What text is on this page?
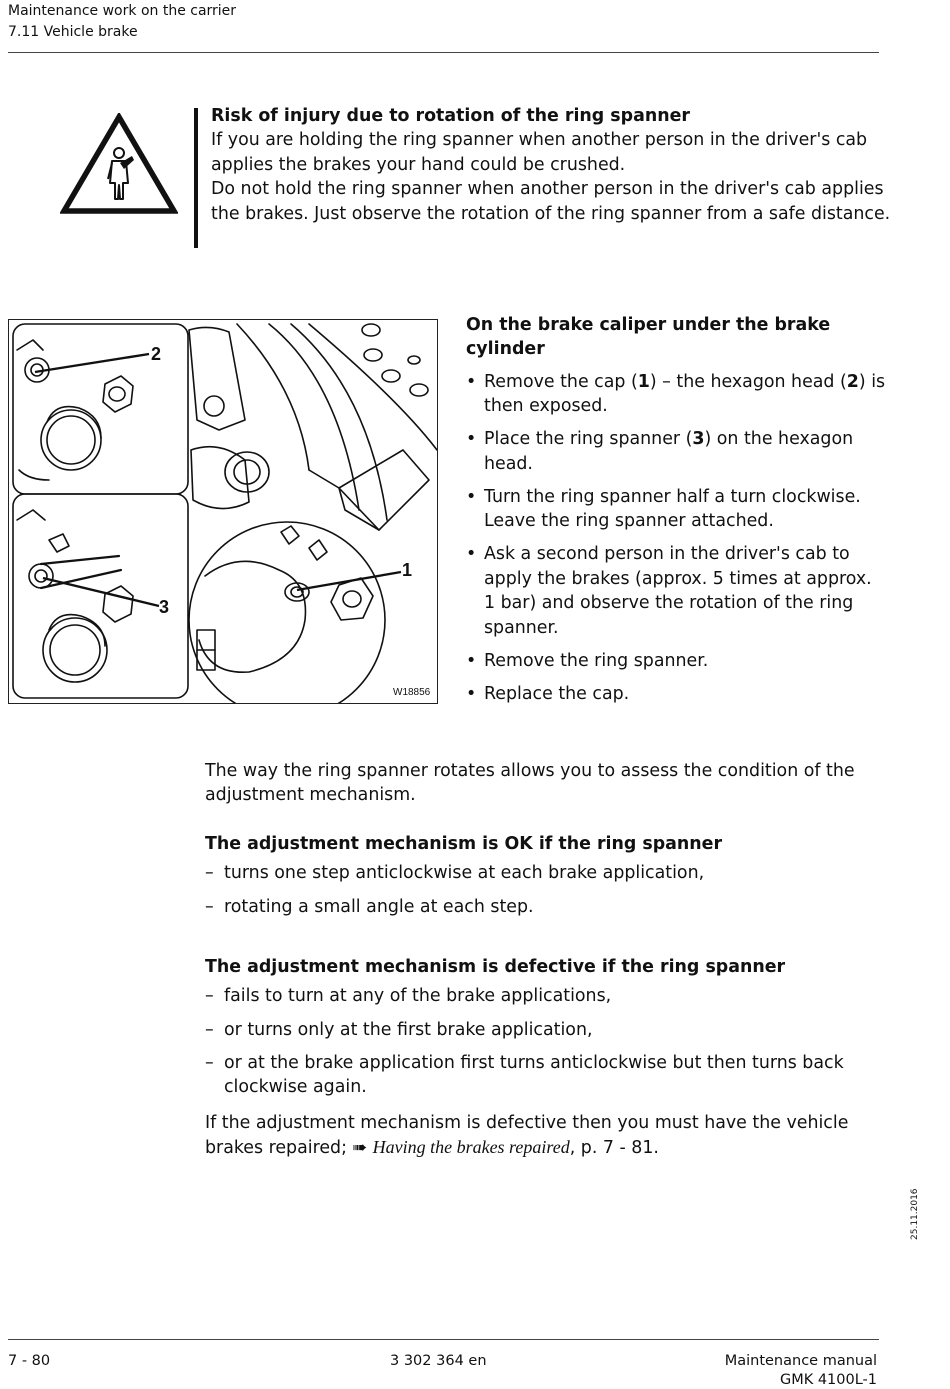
Maintenance work on the carrier
7.11 Vehicle brake

Risk of injury due to rotation of the ring spanner

If you are holding the ring spanner when another person in the driver's cab applies the brakes your hand could be crushed.

Do not hold the ring spanner when another person in the driver's cab applies the brakes. Just observe the rotation of the ring spanner from a safe distance.

2
1
3
W18856
On the brake caliper under the brake cylinder
• Remove the cap (1) – the hexagon head (2) is then exposed.
• Place the ring spanner (3) on the hexagon head.
• Turn the ring spanner half a turn clockwise. Leave the ring spanner attached.
• Ask a second person in the driver's cab to apply the brakes (approx. 5 times at approx. 1 bar) and observe the rotation of the ring spanner.
• Remove the ring spanner.
• Replace the cap.
The way the ring spanner rotates allows you to assess the condition of the adjustment mechanism.

The adjustment mechanism is OK if the ring spanner

– turns one step anticlockwise at each brake application,
– rotating a small angle at each step.

The adjustment mechanism is defective if the ring spanner

– fails to turn at any of the brake applications,
– or turns only at the first brake application,
– or at the brake application first turns anticlockwise but then turns back clockwise again.
If the adjustment mechanism is defective then you must have the vehicle brakes repaired; ➠ Having the brakes repaired, p. 7 - 81.
25.11.2016
7 - 80	3 302 364 en	Maintenance manual
GMK 4100L-1
